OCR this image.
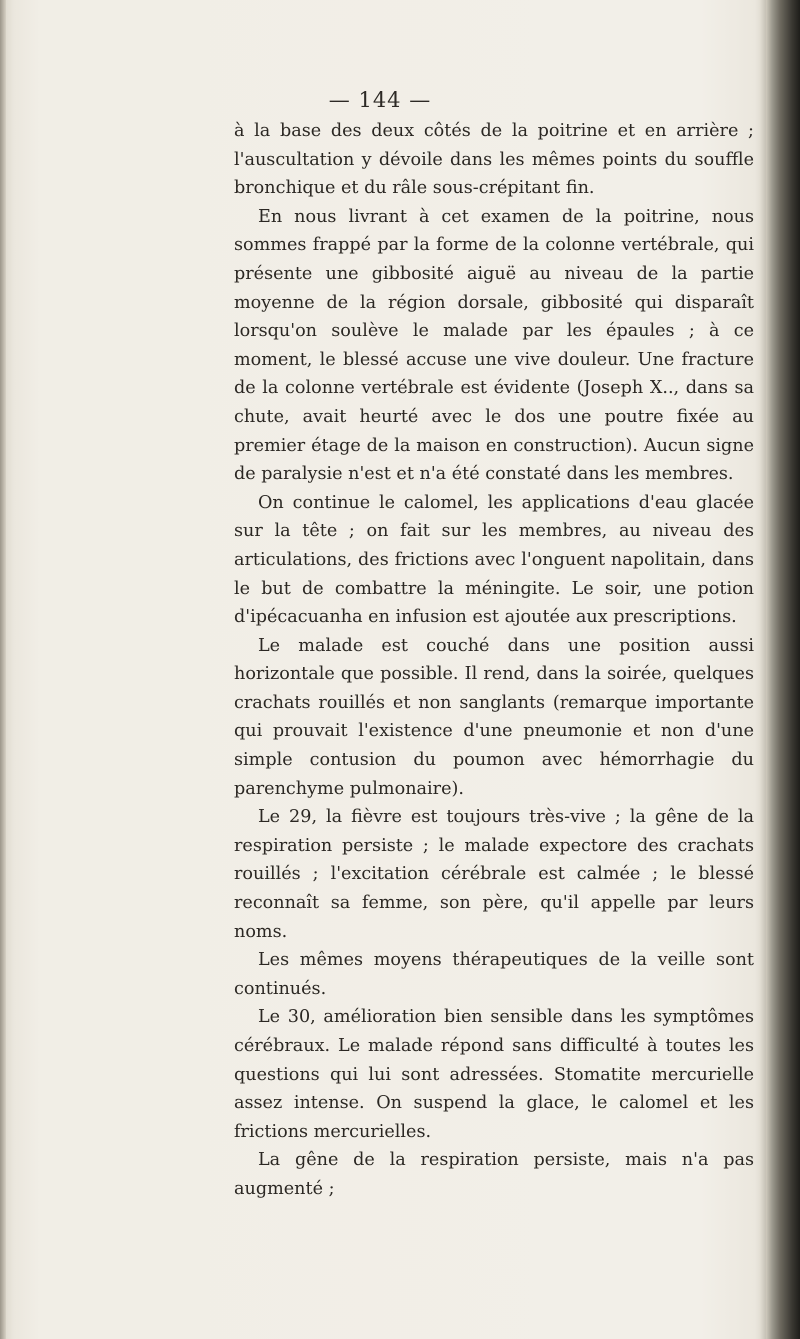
— 144 —

à la base des deux côtés de la poitrine et en arrière ; l'auscultation y dévoile dans les mêmes points du souffle bronchique et du râle sous-crépitant fin.

En nous livrant à cet examen de la poitrine, nous sommes frappé par la forme de la colonne vertébrale, qui présente une gibbosité aiguë au niveau de la partie moyenne de la région dorsale, gibbosité qui disparaît lorsqu'on soulève le malade par les épaules ; à ce moment, le blessé accuse une vive douleur. Une fracture de la colonne vertébrale est évidente (Joseph X.., dans sa chute, avait heurté avec le dos une poutre fixée au premier étage de la maison en construction). Aucun signe de paralysie n'est et n'a été constaté dans les membres.

On continue le calomel, les applications d'eau glacée sur la tête ; on fait sur les membres, au niveau des articulations, des frictions avec l'onguent napolitain, dans le but de combattre la méningite. Le soir, une potion d'ipécacuanha en infusion est ajoutée aux prescriptions.

Le malade est couché dans une position aussi horizontale que possible. Il rend, dans la soirée, quelques crachats rouillés et non sanglants (remarque importante qui prouvait l'existence d'une pneumonie et non d'une simple contusion du poumon avec hémorrhagie du parenchyme pulmonaire).

Le 29, la fièvre est toujours très-vive ; la gêne de la respiration persiste ; le malade expectore des crachats rouillés ; l'excitation cérébrale est calmée ; le blessé reconnaît sa femme, son père, qu'il appelle par leurs noms.

Les mêmes moyens thérapeutiques de la veille sont continués.

Le 30, amélioration bien sensible dans les symptômes cérébraux. Le malade répond sans difficulté à toutes les questions qui lui sont adressées. Stomatite mercurielle assez intense. On suspend la glace, le calomel et les frictions mercurielles.

La gêne de la respiration persiste, mais n'a pas augmenté ;
